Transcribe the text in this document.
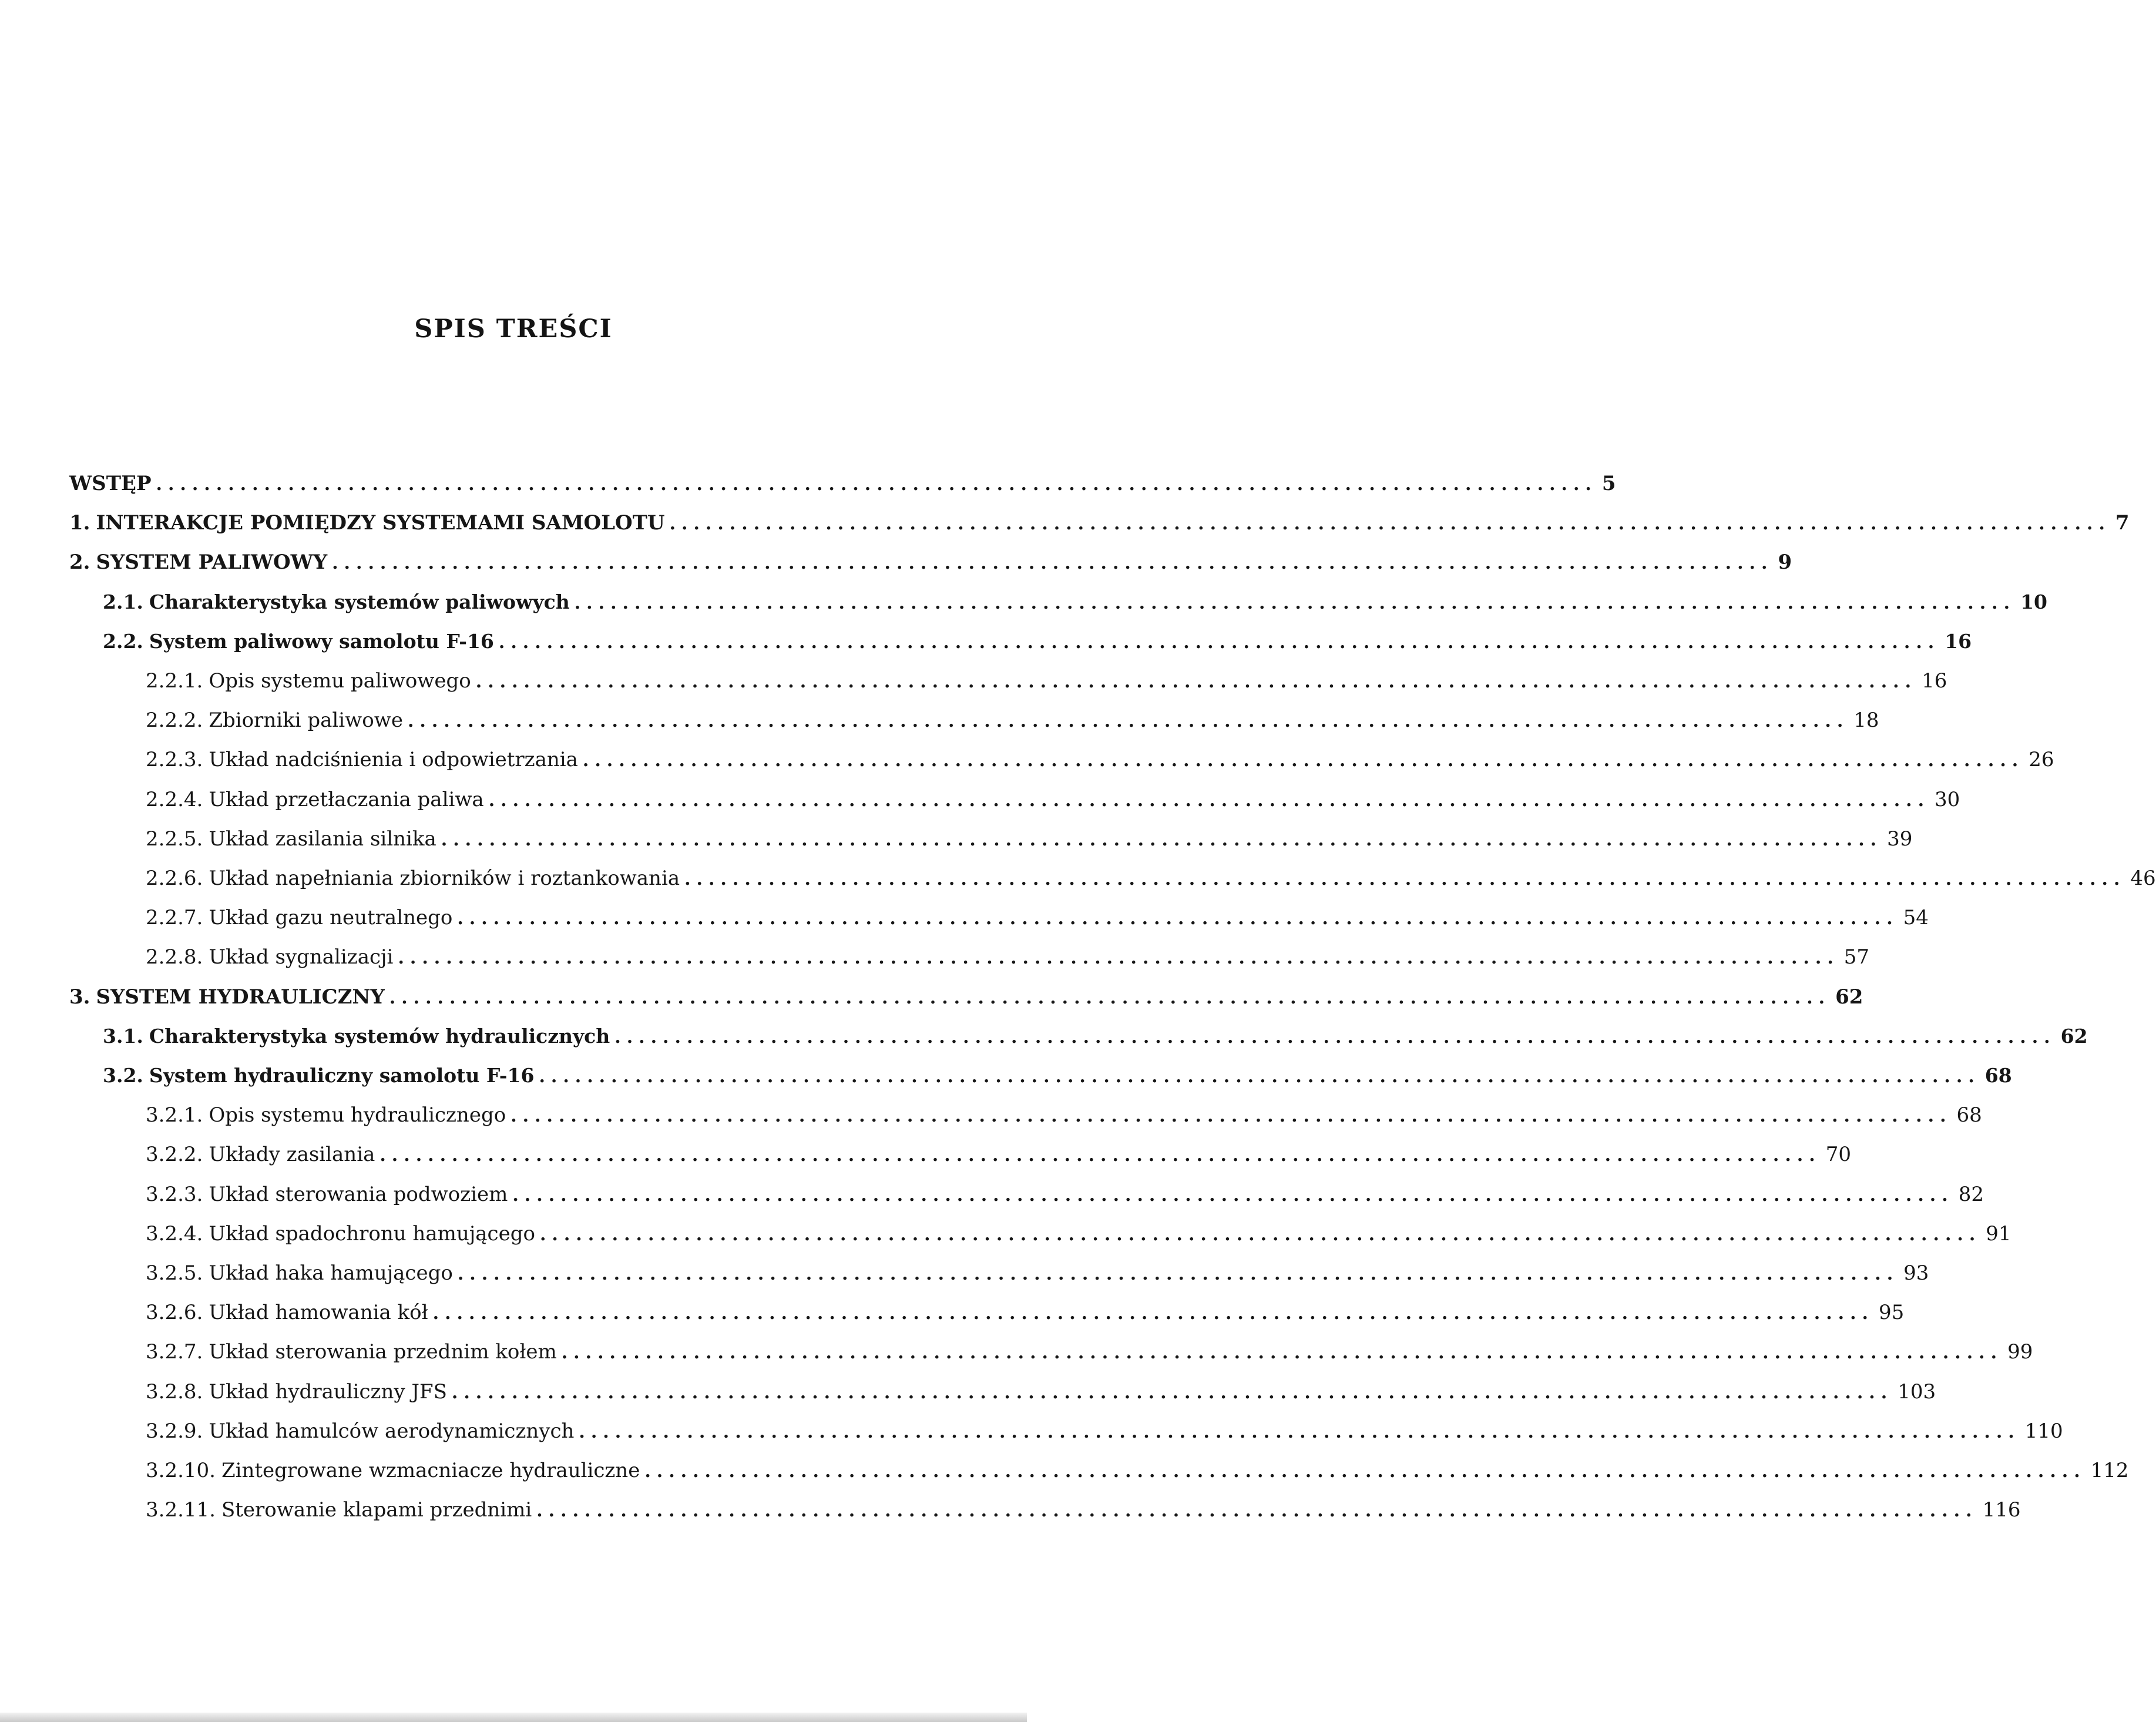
SPIS TREŚCI
WSTĘP ........................................................................................................................ 5
1. INTERAKCJE POMIĘDZY SYSTEMAMI SAMOLOTU ........................................................................................................................ 7
2. SYSTEM PALIWOWY ........................................................................................................................ 9
2.1. Charakterystyka systemów paliwowych ........................................................................................................................ 10
2.2. System paliwowy samolotu F-16 ........................................................................................................................ 16
2.2.1. Opis systemu paliwowego ........................................................................................................................ 16
2.2.2. Zbiorniki paliwowe ........................................................................................................................ 18
2.2.3. Układ nadciśnienia i odpowietrzania ........................................................................................................................ 26
2.2.4. Układ przetłaczania paliwa ........................................................................................................................ 30
2.2.5. Układ zasilania silnika ........................................................................................................................ 39
2.2.6. Układ napełniania zbiorników i roztankowania ........................................................................................................................ 46
2.2.7. Układ gazu neutralnego ........................................................................................................................ 54
2.2.8. Układ sygnalizacji ........................................................................................................................ 57
3. SYSTEM HYDRAULICZNY ........................................................................................................................ 62
3.1. Charakterystyka systemów hydraulicznych ........................................................................................................................ 62
3.2. System hydrauliczny samolotu F-16 ........................................................................................................................ 68
3.2.1. Opis systemu hydraulicznego ........................................................................................................................ 68
3.2.2. Układy zasilania ........................................................................................................................ 70
3.2.3. Układ sterowania podwoziem ........................................................................................................................ 82
3.2.4. Układ spadochronu hamującego ........................................................................................................................ 91
3.2.5. Układ haka hamującego ........................................................................................................................ 93
3.2.6. Układ hamowania kół ........................................................................................................................ 95
3.2.7. Układ sterowania przednim kołem ........................................................................................................................ 99
3.2.8. Układ hydrauliczny JFS ........................................................................................................................ 103
3.2.9. Układ hamulców aerodynamicznych ........................................................................................................................ 110
3.2.10. Zintegrowane wzmacniacze hydrauliczne ........................................................................................................................ 112
3.2.11. Sterowanie klapami przednimi ........................................................................................................................ 116
